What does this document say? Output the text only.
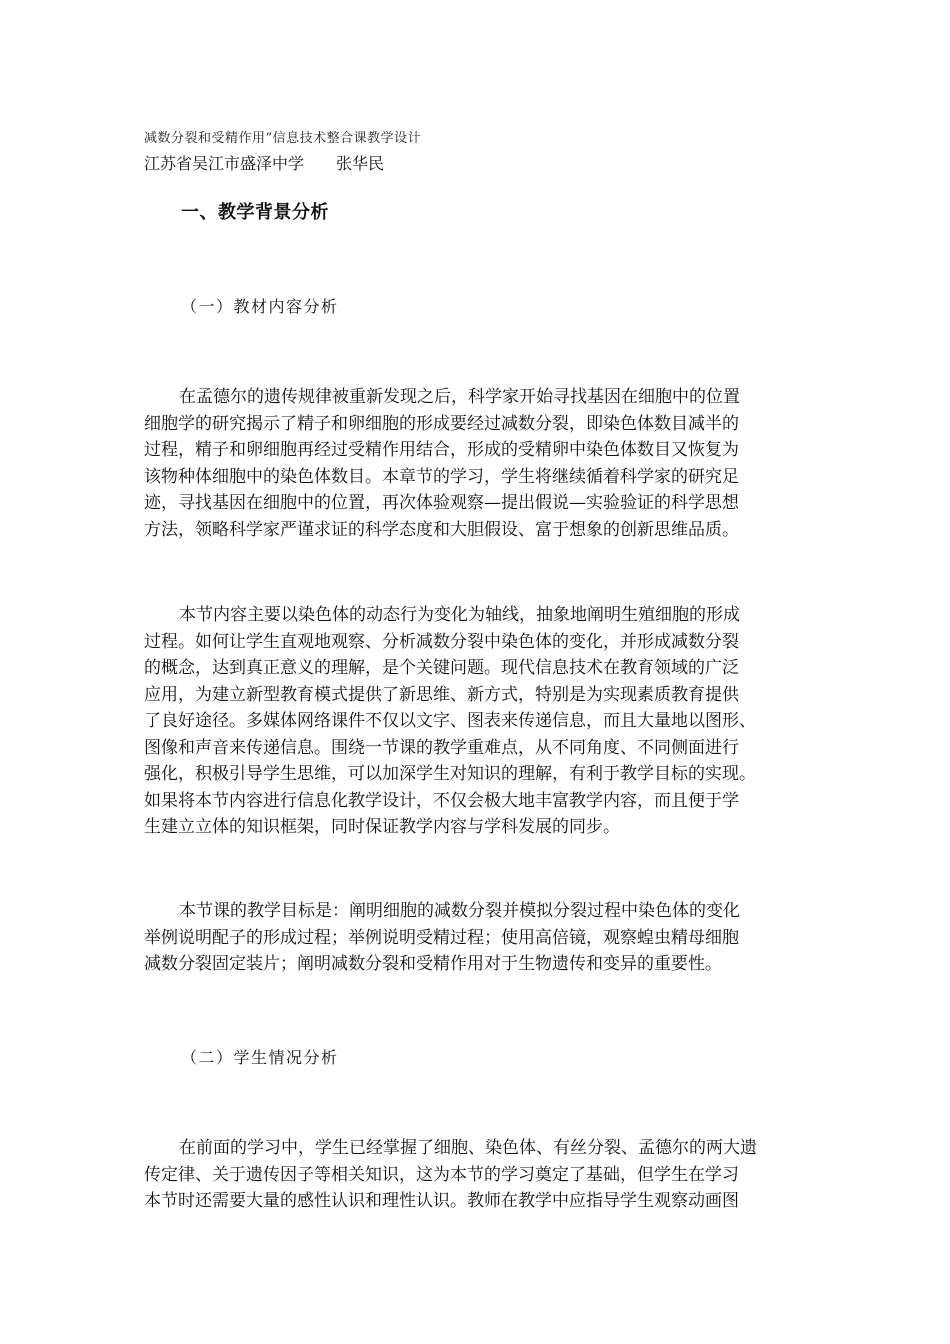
减数分裂和受精作用”信息技术整合课教学设计
江苏省吴江市盛泽中学 张华民
一、教学背景分析
（一）教材内容分析
在孟德尔的遗传规律被重新发现之后，科学家开始寻找基因在细胞中的位置
细胞学的研究揭示了精子和卵细胞的形成要经过减数分裂，即染色体数目减半的
过程，精子和卵细胞再经过受精作用结合，形成的受精卵中染色体数目又恢复为
该物种体细胞中的染色体数目。本章节的学习，学生将继续循着科学家的研究足
迹，寻找基因在细胞中的位置，再次体验观察—提出假说—实验验证的科学思想
方法，领略科学家严谨求证的科学态度和大胆假设、富于想象的创新思维品质。
本节内容主要以染色体的动态行为变化为轴线，抽象地阐明生殖细胞的形成
过程。如何让学生直观地观察、分析减数分裂中染色体的变化，并形成减数分裂
的概念，达到真正意义的理解，是个关键问题。现代信息技术在教育领域的广泛
应用，为建立新型教育模式提供了新思维、新方式，特别是为实现素质教育提供
了良好途径。多媒体网络课件不仅以文字、图表来传递信息，而且大量地以图形、
图像和声音来传递信息。围绕一节课的教学重难点，从不同角度、不同侧面进行
强化，积极引导学生思维，可以加深学生对知识的理解，有利于教学目标的实现。
如果将本节内容进行信息化教学设计，不仅会极大地丰富教学内容，而且便于学
生建立立体的知识框架，同时保证教学内容与学科发展的同步。
本节课的教学目标是：阐明细胞的减数分裂并模拟分裂过程中染色体的变化
举例说明配子的形成过程；举例说明受精过程；使用高倍镜，观察蝗虫精母细胞
减数分裂固定装片；阐明减数分裂和受精作用对于生物遗传和变异的重要性。
（二）学生情况分析
在前面的学习中，学生已经掌握了细胞、染色体、有丝分裂、孟德尔的两大遗
传定律、关于遗传因子等相关知识，这为本节的学习奠定了基础，但学生在学习
本节时还需要大量的感性认识和理性认识。教师在教学中应指导学生观察动画图
